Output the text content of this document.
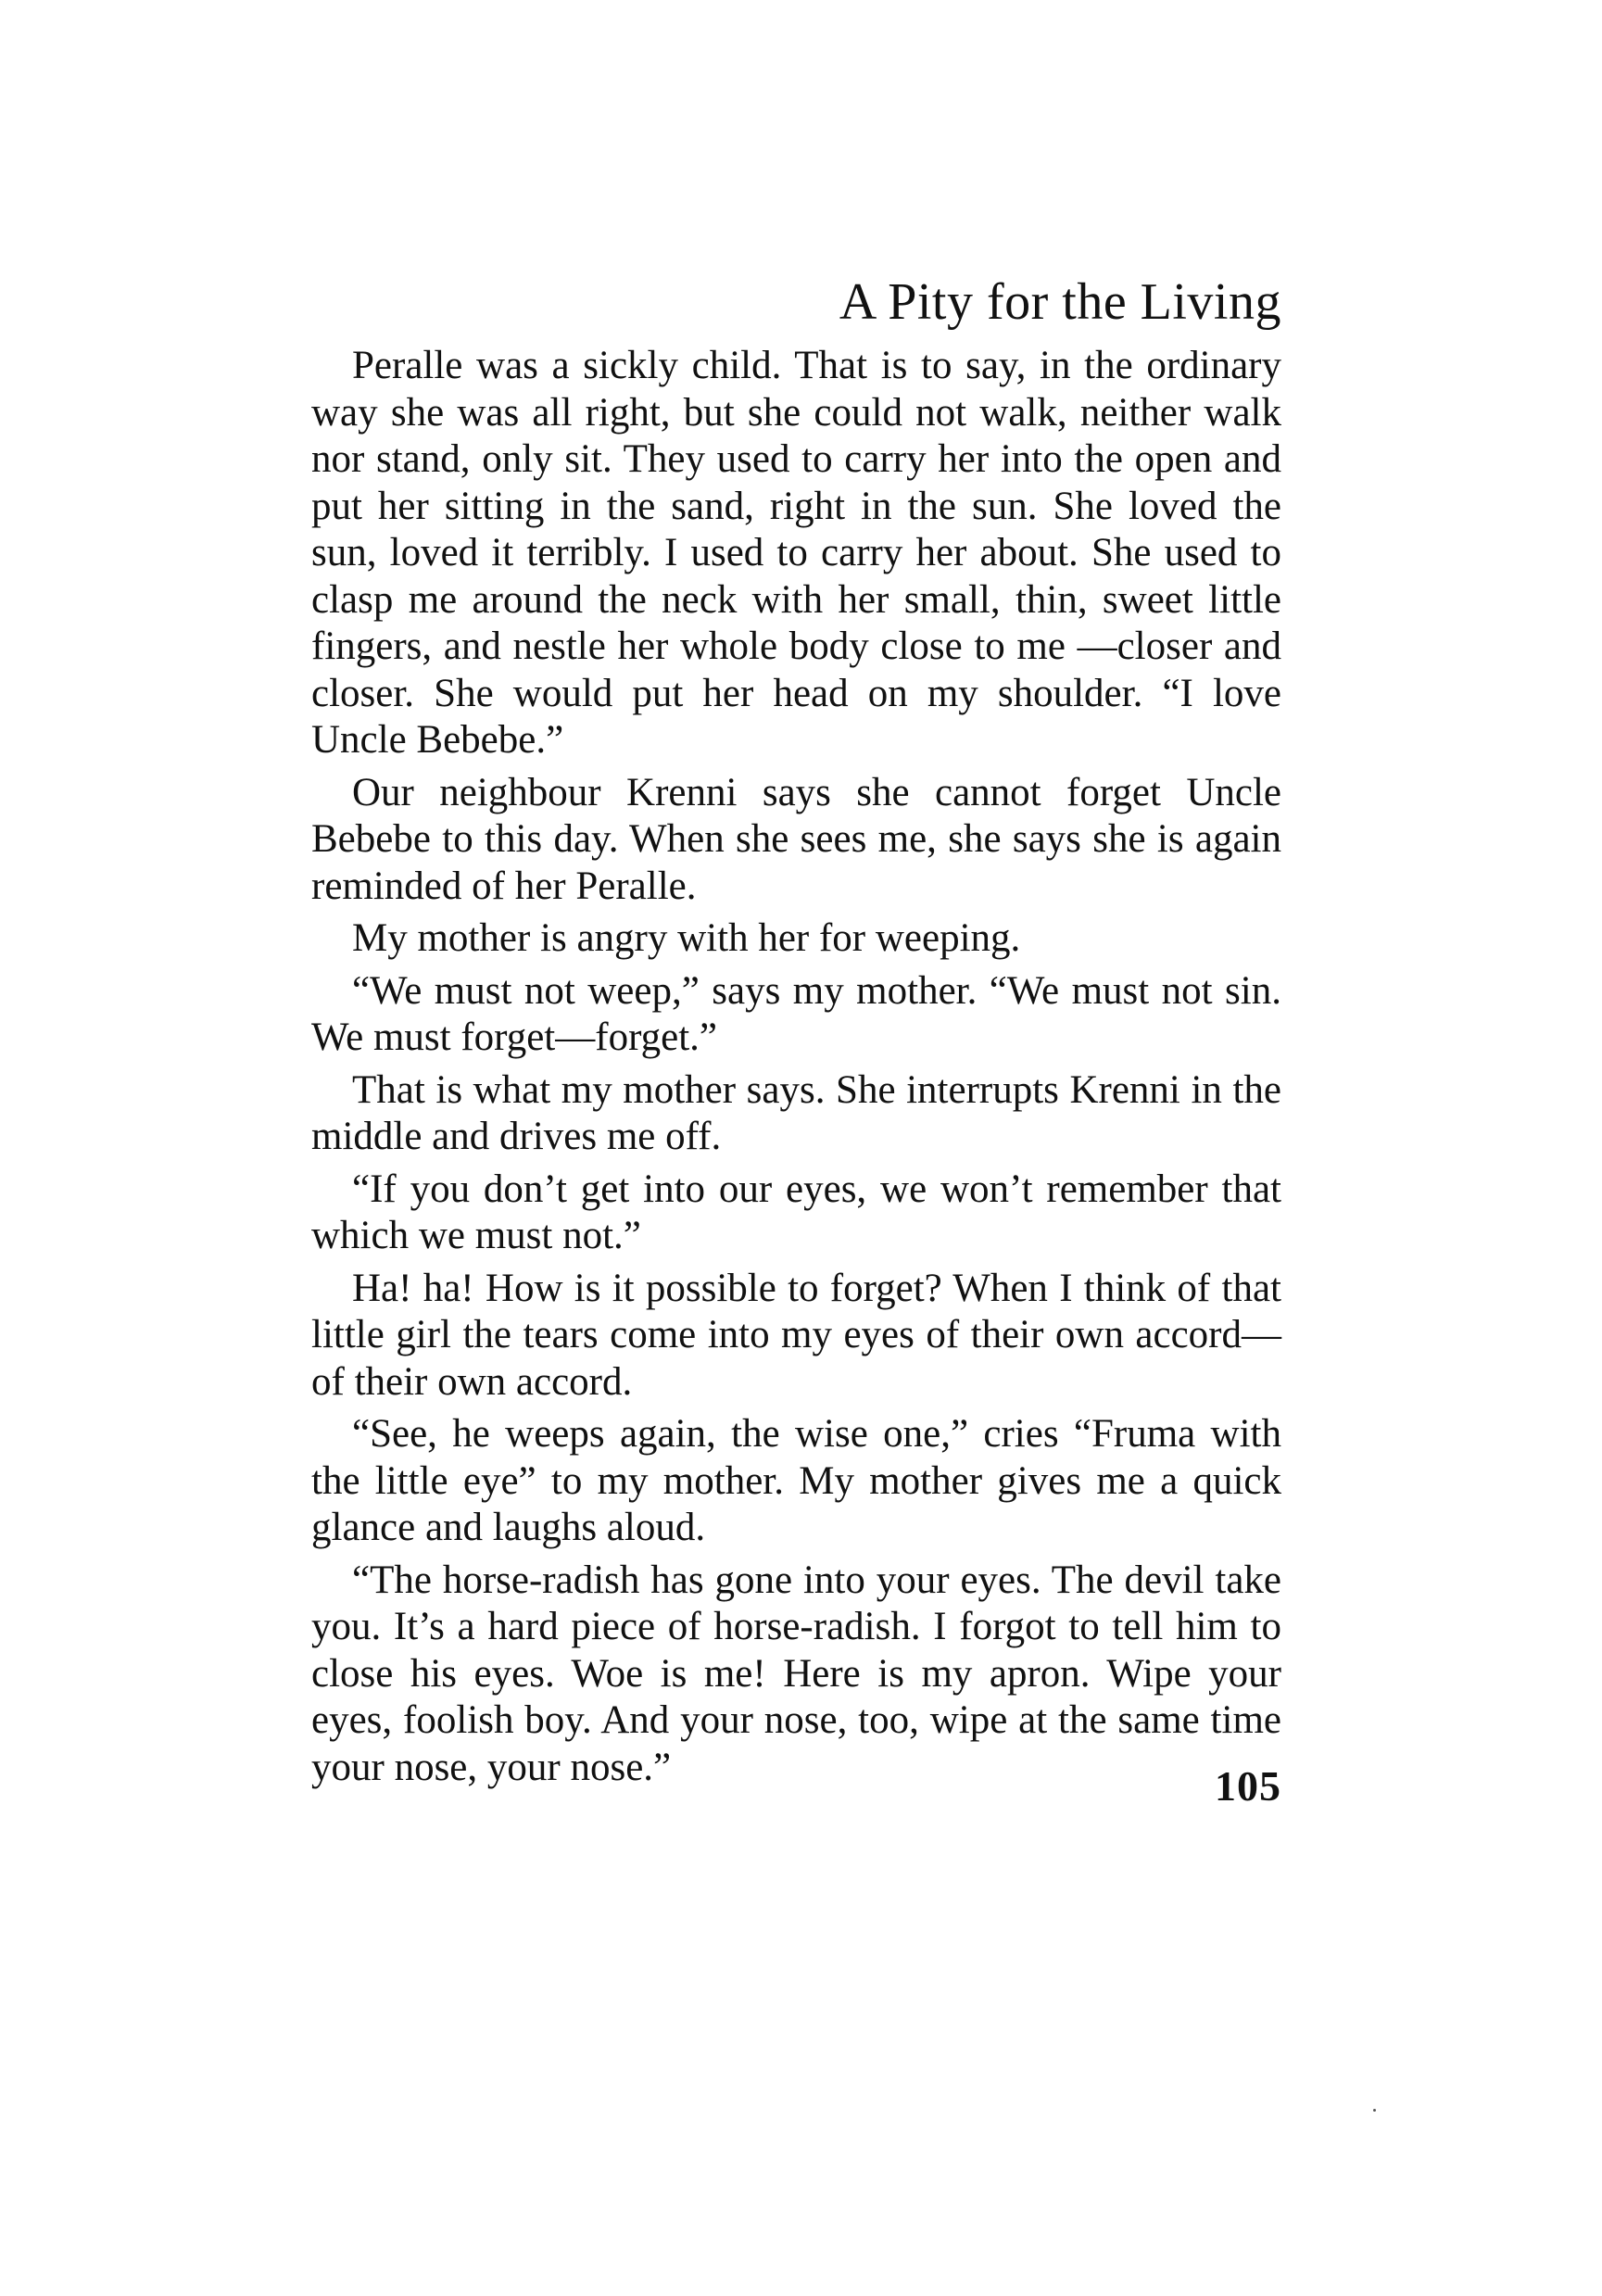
A Pity for the Living

Peralle was a sickly child. That is to say, in the ordinary way she was all right, but she could not walk, neither walk nor stand, only sit. They used to carry her into the open and put her sitting in the sand, right in the sun. She loved the sun, loved it terribly. I used to carry her about. She used to clasp me around the neck with her small, thin, sweet little fingers, and nestle her whole body close to me —closer and closer. She would put her head on my shoulder. “I love Uncle Bebebe.”

Our neighbour Krenni says she cannot forget Uncle Bebebe to this day. When she sees me, she says she is again reminded of her Peralle.

My mother is angry with her for weeping.

“We must not weep,” says my mother. “We must not sin. We must forget—forget.”

That is what my mother says. She interrupts Krenni in the middle and drives me off.

“If you don’t get into our eyes, we won’t remember that which we must not.”

Ha! ha! How is it possible to forget? When I think of that little girl the tears come into my eyes of their own accord—of their own accord.

“See, he weeps again, the wise one,” cries “Fruma with the little eye” to my mother. My mother gives me a quick glance and laughs aloud.

“The horse-radish has gone into your eyes. The devil take you. It’s a hard piece of horse-radish. I forgot to tell him to close his eyes. Woe is me! Here is my apron. Wipe your eyes, foolish boy. And your nose, too, wipe at the same time your nose, your nose.”	105
